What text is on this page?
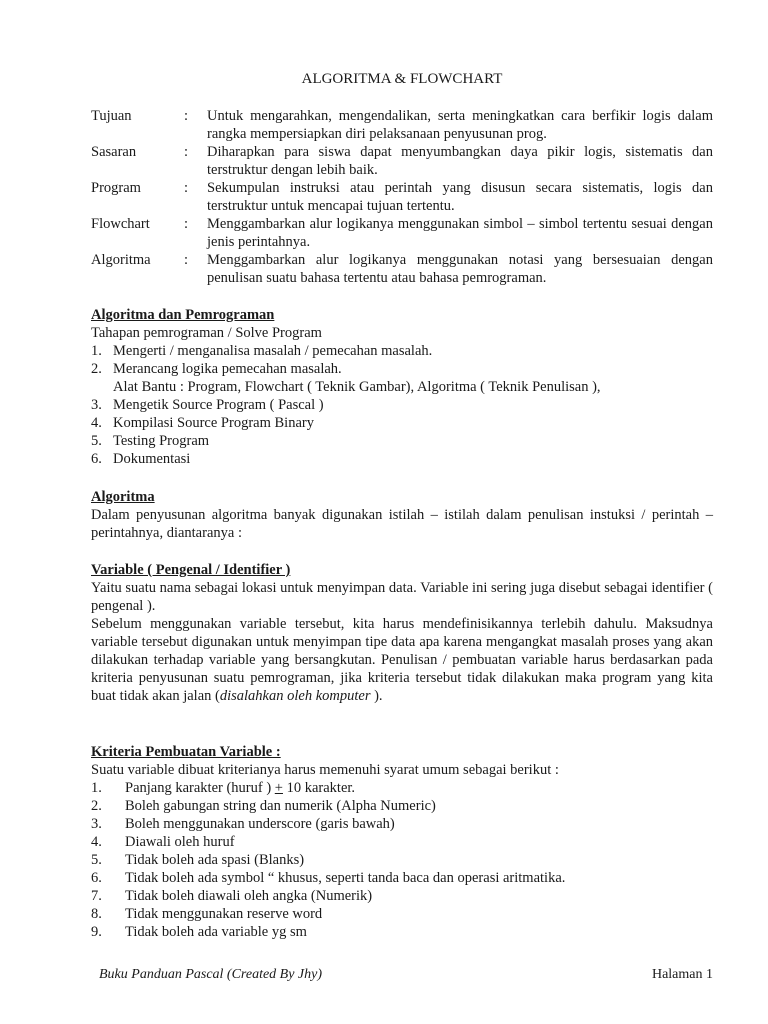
ALGORITMA & FLOWCHART
Tujuan	:	Untuk mengarahkan, mengendalikan, serta meningkatkan cara berfikir logis dalam rangka mempersiapkan diri pelaksanaan penyusunan prog.
Sasaran	:	Diharapkan para siswa dapat menyumbangkan daya pikir logis, sistematis dan terstruktur dengan lebih baik.
Program	:	Sekumpulan instruksi atau perintah yang disusun secara sistematis, logis dan terstruktur untuk mencapai tujuan tertentu.
Flowchart	:	Menggambarkan alur logikanya menggunakan simbol – simbol tertentu sesuai dengan jenis perintahnya.
Algoritma	:	Menggambarkan alur logikanya menggunakan notasi yang bersesuaian dengan penulisan suatu bahasa tertentu atau bahasa pemrograman.
Algoritma dan Pemrograman
Tahapan pemrograman / Solve Program
1. Mengerti / menganalisa masalah / pemecahan masalah.
2. Merancang logika pemecahan masalah.
Alat Bantu : Program, Flowchart ( Teknik Gambar), Algoritma ( Teknik Penulisan ),
3. Mengetik Source Program ( Pascal )
4. Kompilasi Source Program Binary
5. Testing Program
6. Dokumentasi
Algoritma
Dalam penyusunan algoritma banyak digunakan istilah – istilah dalam penulisan instuksi / perintah – perintahnya, diantaranya :
Variable ( Pengenal / Identifier )
Yaitu suatu nama sebagai lokasi untuk menyimpan data. Variable ini sering juga disebut sebagai identifier ( pengenal ).
Sebelum menggunakan variable tersebut, kita harus mendefinisikannya terlebih dahulu. Maksudnya variable tersebut digunakan untuk menyimpan tipe data apa karena mengangkat masalah proses yang akan dilakukan terhadap variable yang bersangkutan. Penulisan / pembuatan variable harus berdasarkan pada kriteria penyusunan suatu pemrograman, jika kriteria tersebut tidak dilakukan maka program yang kita buat tidak akan jalan (disalahkan oleh komputer ).
Kriteria Pembuatan Variable :
Suatu variable dibuat kriterianya harus memenuhi syarat umum sebagai berikut :
1.	Panjang karakter (huruf ) + 10 karakter.
2.	Boleh gabungan string dan numerik (Alpha Numeric)
3.	Boleh menggunakan underscore (garis bawah)
4.	Diawali oleh huruf
5.	Tidak boleh ada spasi (Blanks)
6.	Tidak boleh ada symbol “ khusus, seperti tanda baca dan operasi aritmatika.
7.	Tidak boleh diawali oleh angka (Numerik)
8.	Tidak menggunakan reserve word
9.	Tidak boleh ada variable yg sm
Buku Panduan Pascal (Created By Jhy)	Halaman 1
